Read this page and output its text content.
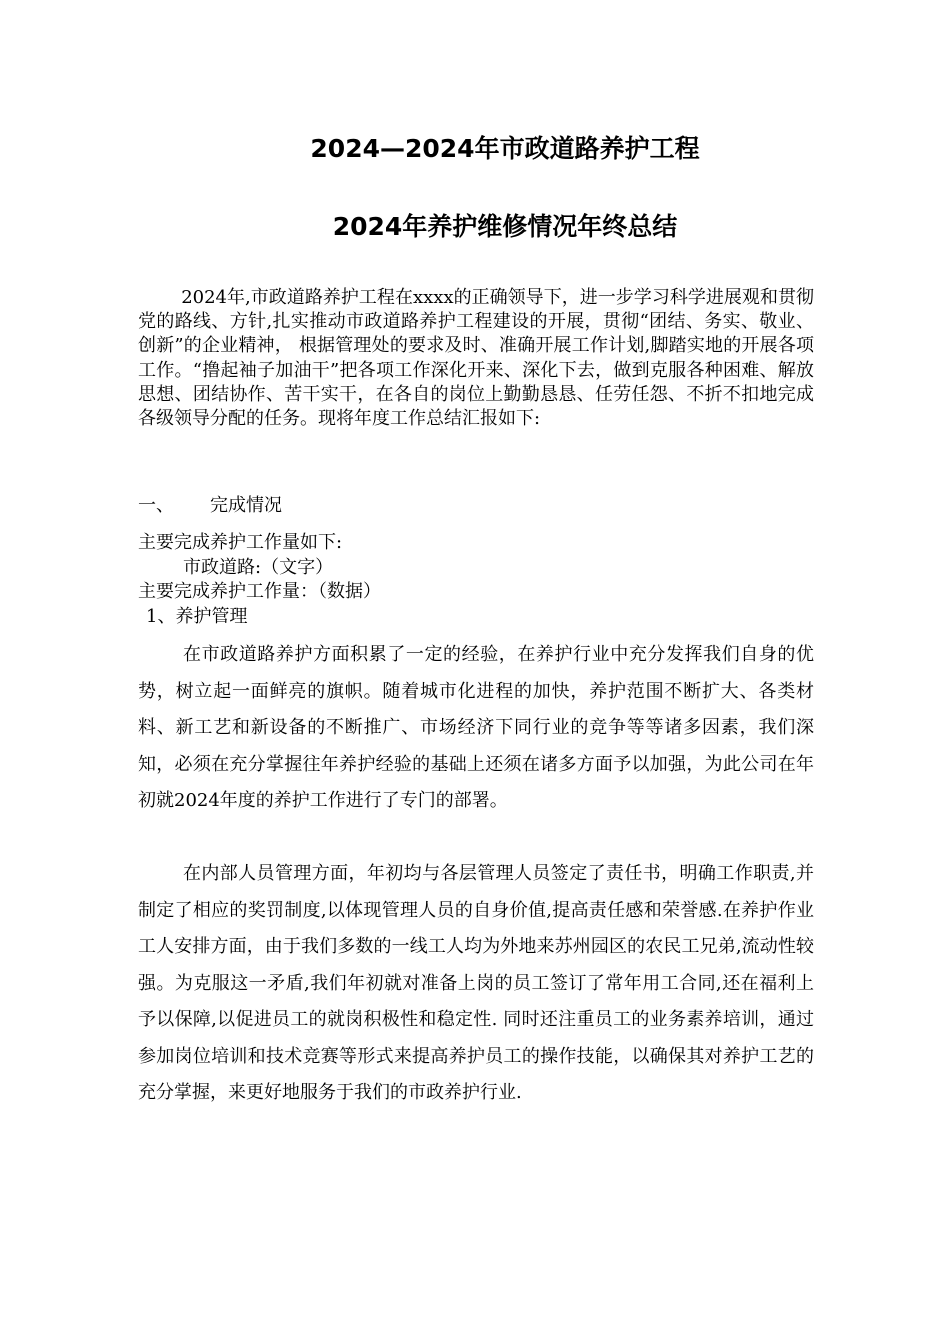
2024—2024年市政道路养护工程
2024年养护维修情况年终总结

2024年,市政道路养护工程在xxxx的正确领导下，进一步学习科学进展观和贯彻党的路线、方针,扎实推动市政道路养护工程建设的开展，贯彻“团结、务实、敬业、创新”的企业精神， 根据管理处的要求及时、准确开展工作计划,脚踏实地的开展各项工作。“撸起袖子加油干”把各项工作深化开来、深化下去，做到克服各种困难、解放思想、团结协作、苦干实干，在各自的岗位上勤勤恳恳、任劳任怨、不折不扣地完成各级领导分配的任务。现将年度工作总结汇报如下:

一、 完成情况
主要完成养护工作量如下:
市政道路:（文字）
主要完成养护工作量：（数据）
1、养护管理

在市政道路养护方面积累了一定的经验，在养护行业中充分发挥我们自身的优势，树立起一面鲜亮的旗帜。随着城市化进程的加快，养护范围不断扩大、各类材料、新工艺和新设备的不断推广、市场经济下同行业的竞争等等诸多因素，我们深知，必须在充分掌握往年养护经验的基础上还须在诸多方面予以加强，为此公司在年初就2024年度的养护工作进行了专门的部署。

在内部人员管理方面，年初均与各层管理人员签定了责任书，明确工作职责,并制定了相应的奖罚制度,以体现管理人员的自身价值,提高责任感和荣誉感.在养护作业工人安排方面，由于我们多数的一线工人均为外地来苏州园区的农民工兄弟,流动性较强。为克服这一矛盾,我们年初就对准备上岗的员工签订了常年用工合同,还在福利上予以保障,以促进员工的就岗积极性和稳定性. 同时还注重员工的业务素养培训，通过参加岗位培训和技术竞赛等形式来提高养护员工的操作技能，以确保其对养护工艺的充分掌握，来更好地服务于我们的市政养护行业.
